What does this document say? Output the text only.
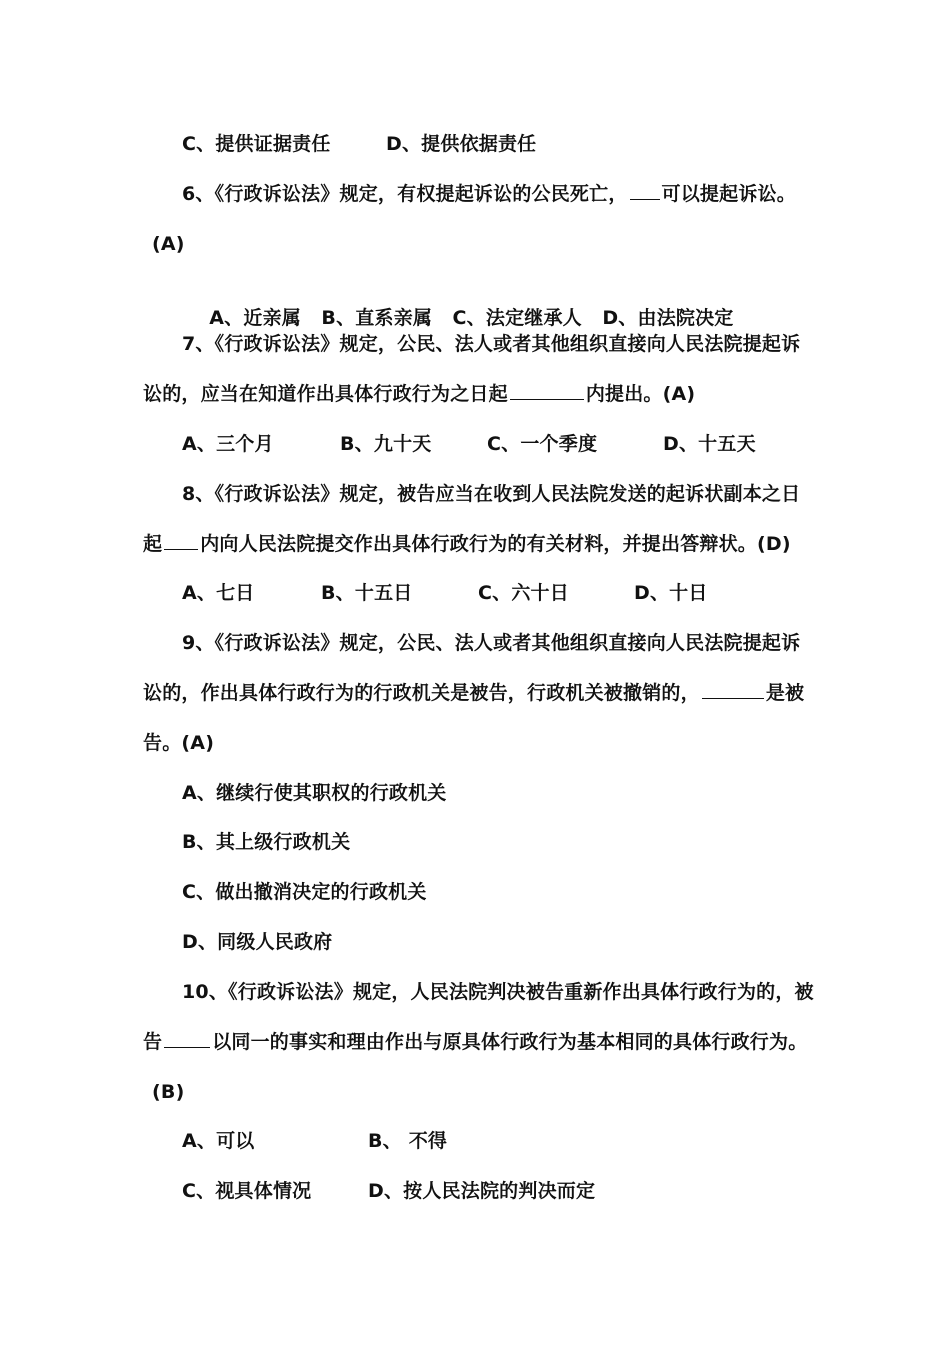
C、提供证据责任	D、提供依据责任
6、《行政诉讼法》规定，有权提起诉讼的公民死亡， 可以提起诉讼。
(A)

A、近亲属   B、直系亲属   C、法定继承人   D、由法院决定

7、《行政诉讼法》规定，公民、法人或者其他组织直接向人民法院提起诉
讼的，应当在知道作出具体行政行为之日起	内提出。(A)
A、三个月	B、九十天	C、一个季度	D、十五天
8、《行政诉讼法》规定，被告应当在收到人民法院发送的起诉状副本之日
起 内向人民法院提交作出具体行政行为的有关材料，并提出答辩状。(D)
A、七日	B、十五日	C、六十日	D、十日
9、《行政诉讼法》规定，公民、法人或者其他组织直接向人民法院提起诉
讼的，作出具体行政行为的行政机关是被告，行政机关被撤销的，	是被
告。(A)
A、继续行使其职权的行政机关
B、其上级行政机关
C、做出撤消决定的行政机关
D、同级人民政府
10、《行政诉讼法》规定，人民法院判决被告重新作出具体行政行为的，被
告	以同一的事实和理由作出与原具体行政行为基本相同的具体行政行为。
(B)
A、可以	B、 不得
C、视具体情况	D、按人民法院的判决而定
